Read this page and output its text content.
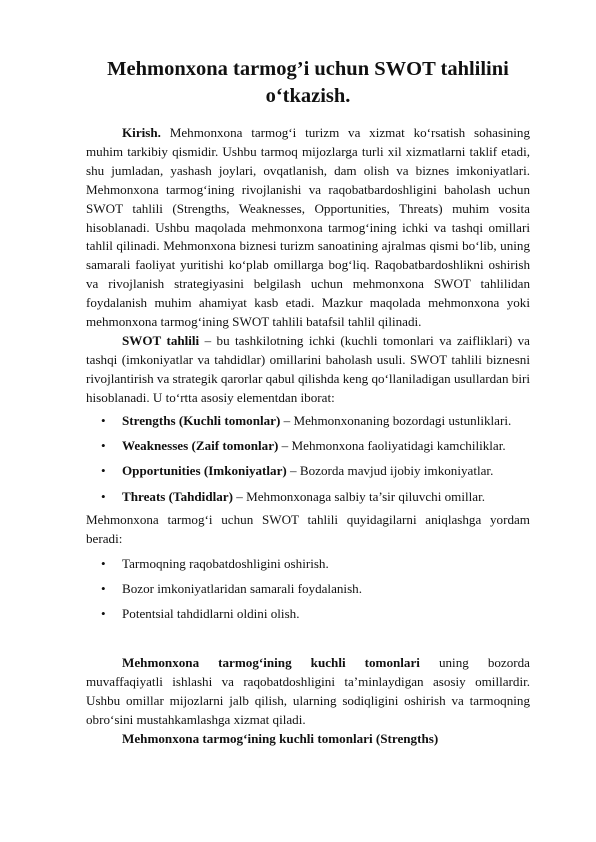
Mehmonxona tarmog’i uchun SWOT tahlilini o‘tkazish.

Kirish. Mehmonxona tarmog‘i turizm va xizmat ko‘rsatish sohasining muhim tarkibiy qismidir. Ushbu tarmoq mijozlarga turli xil xizmatlarni taklif etadi, shu jumladan, yashash joylari, ovqatlanish, dam olish va biznes imkoniyatlari. Mehmonxona tarmog‘ining rivojlanishi va raqobatbardoshligini baholash uchun SWOT tahlili (Strengths, Weaknesses, Opportunities, Threats) muhim vosita hisoblanadi. Ushbu maqolada mehmonxona tarmog‘ining ichki va tashqi omillari tahlil qilinadi. Mehmonxona biznesi turizm sanoatining ajralmas qismi bo‘lib, uning samarali faoliyat yuritishi ko‘plab omillarga bog‘liq. Raqobatbardoshlikni oshirish va rivojlanish strategiyasini belgilash uchun mehmonxona SWOT tahlilidan foydalanish muhim ahamiyat kasb etadi. Mazkur maqolada mehmonxona yoki mehmonxona tarmog‘ining SWOT tahlili batafsil tahlil qilinadi.

SWOT tahlili – bu tashkilotning ichki (kuchli tomonlari va zaifliklari) va tashqi (imkoniyatlar va tahdidlar) omillarini baholash usuli. SWOT tahlili biznesni rivojlantirish va strategik qarorlar qabul qilishda keng qo‘llaniladigan usullardan biri hisoblanadi. U to‘rtta asosiy elementdan iborat:

• Strengths (Kuchli tomonlar) – Mehmonxonaning bozordagi ustunliklari.
• Weaknesses (Zaif tomonlar) – Mehmonxona faoliyatidagi kamchiliklar.
• Opportunities (Imkoniyatlar) – Bozorda mavjud ijobiy imkoniyatlar.
• Threats (Tahdidlar) – Mehmonxonaga salbiy ta’sir qiluvchi omillar.

Mehmonxona tarmog‘i uchun SWOT tahlili quyidagilarni aniqlashga yordam beradi:

• Tarmoqning raqobatdoshligini oshirish.
• Bozor imkoniyatlaridan samarali foydalanish.
• Potentsial tahdidlarni oldini olish.

Mehmonxona tarmog‘ining kuchli tomonlari uning bozorda muvaffaqiyatli ishlashi va raqobatdoshligini ta’minlaydigan asosiy omillardir. Ushbu omillar mijozlarni jalb qilish, ularning sodiqligini oshirish va tarmoqning obro‘sini mustahkamlashga xizmat qiladi.

Mehmonxona tarmog‘ining kuchli tomonlari (Strengths)
